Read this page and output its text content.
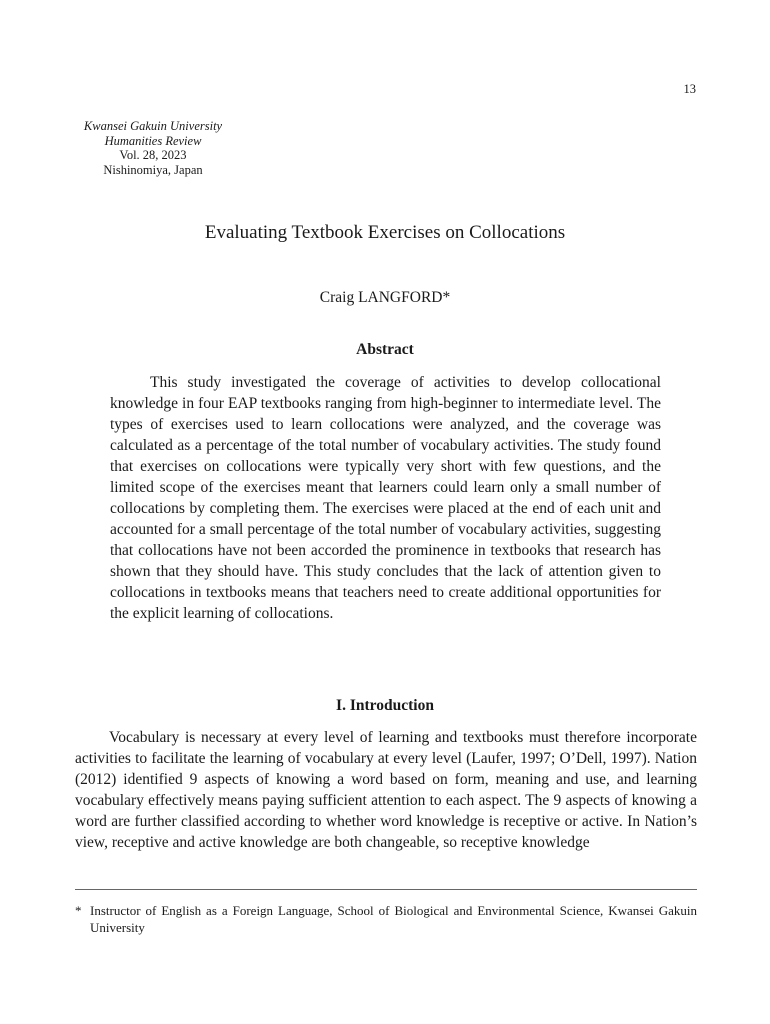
13
Kwansei Gakuin University
Humanities Review
Vol. 28, 2023
Nishinomiya, Japan
Evaluating Textbook Exercises on Collocations
Craig LANGFORD*
Abstract

This study investigated the coverage of activities to develop collocational knowledge in four EAP textbooks ranging from high-beginner to intermediate level. The types of exercises used to learn collocations were analyzed, and the coverage was calculated as a percentage of the total number of vocabulary activities. The study found that exercises on collocations were typically very short with few questions, and the limited scope of the exercises meant that learners could learn only a small number of collocations by completing them. The exercises were placed at the end of each unit and accounted for a small percentage of the total number of vocabulary activities, suggesting that collocations have not been accorded the prominence in textbooks that research has shown that they should have. This study concludes that the lack of attention given to collocations in textbooks means that teachers need to create additional opportunities for the explicit learning of collocations.

I. Introduction

Vocabulary is necessary at every level of learning and textbooks must therefore incorporate activities to facilitate the learning of vocabulary at every level (Laufer, 1997; O’Dell, 1997). Nation (2012) identified 9 aspects of knowing a word based on form, meaning and use, and learning vocabulary effectively means paying sufficient attention to each aspect. The 9 aspects of knowing a word are further classified according to whether word knowledge is receptive or active. In Nation’s view, receptive and active knowledge are both changeable, so receptive knowledge

* Instructor of English as a Foreign Language, School of Biological and Environmental Science, Kwansei Gakuin University
